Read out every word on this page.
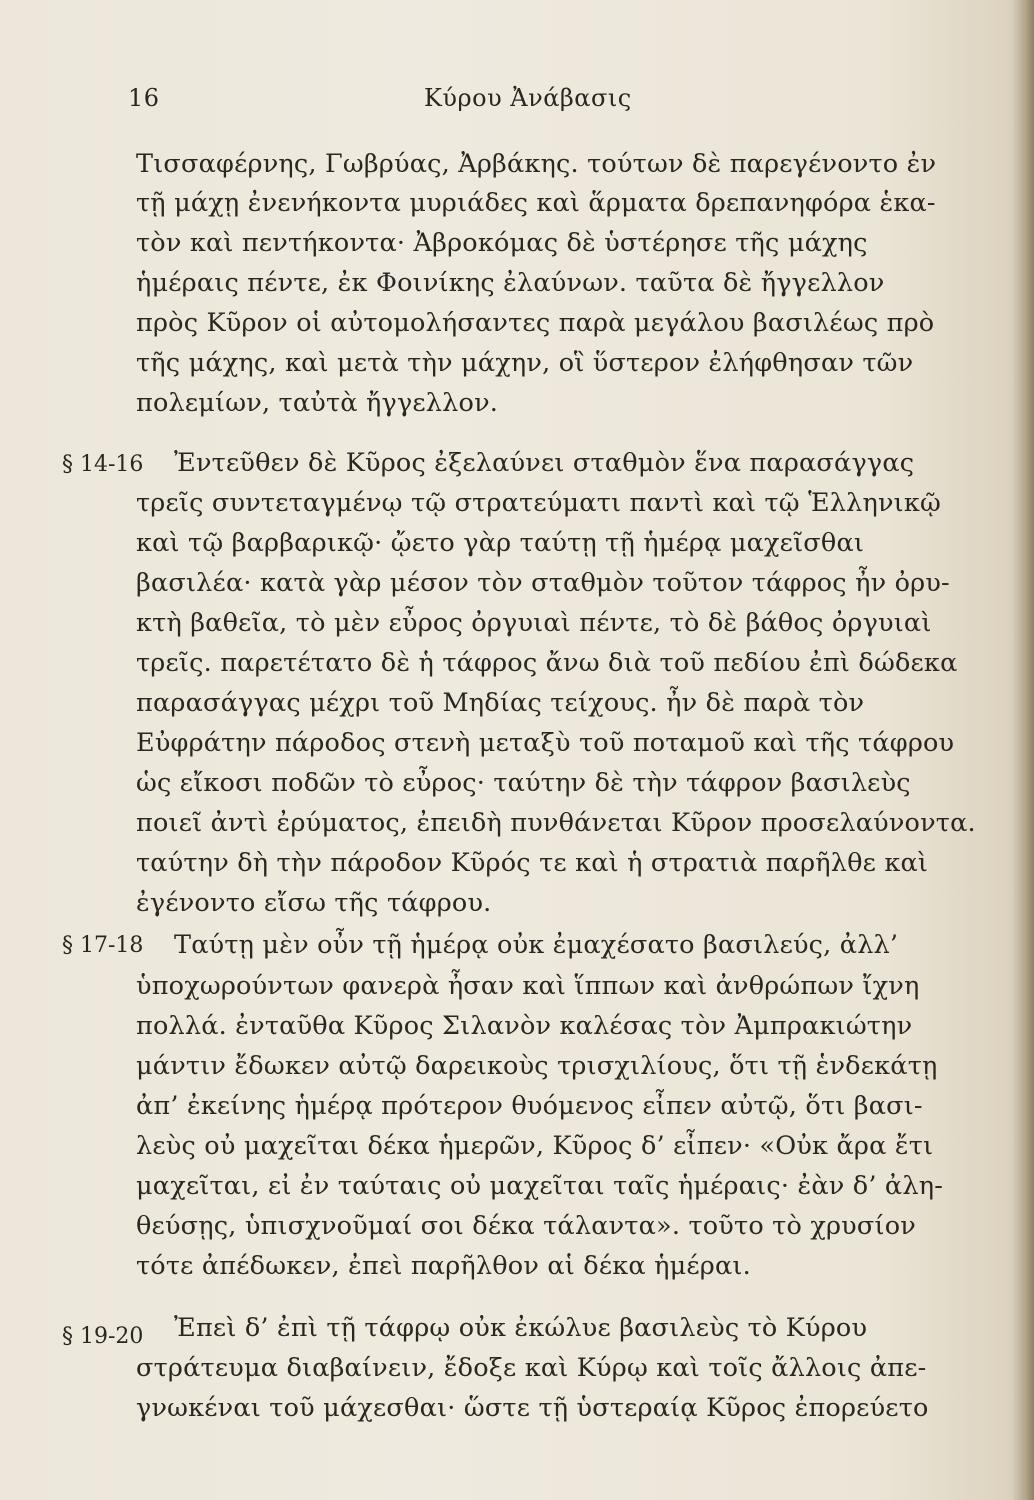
16	Κύρου Ἀνάβασις
§ 14-16
§ 17-18
§ 19-20
Τισσαφέρνης, Γωβρύας, Ἀρβάκης. τούτων δὲ παρεγένοντο ἐν
τῇ μάχῃ ἐνενήκοντα μυριάδες καὶ ἅρματα δρεπανηφόρα ἑκα-
τὸν καὶ πεντήκοντα· Ἀβροκόμας δὲ ὑστέρησε τῆς μάχης
ἡμέραις πέντε, ἐκ Φοινίκης ἐλαύνων. ταῦτα δὲ ἤγγελλον
πρὸς Κῦρον οἱ αὐτομολήσαντες παρὰ μεγάλου βασιλέως πρὸ
τῆς μάχης, καὶ μετὰ τὴν μάχην, οἳ ὕστερον ἐλήφθησαν τῶν
πολεμίων, ταὐτὰ ἤγγελλον.
Ἐντεῦθεν δὲ Κῦρος ἐξελαύνει σταθμὸν ἕνα παρασάγγας
τρεῖς συντεταγμένῳ τῷ στρατεύματι παντὶ καὶ τῷ Ἑλληνικῷ
καὶ τῷ βαρβαρικῷ· ᾤετο γὰρ ταύτῃ τῇ ἡμέρᾳ μαχεῖσθαι
βασιλέα· κατὰ γὰρ μέσον τὸν σταθμὸν τοῦτον τάφρος ἦν ὀρυ-
κτὴ βαθεῖα, τὸ μὲν εὖρος ὀργυιαὶ πέντε, τὸ δὲ βάθος ὀργυιαὶ
τρεῖς. παρετέτατο δὲ ἡ τάφρος ἄνω διὰ τοῦ πεδίου ἐπὶ δώδεκα
παρασάγγας μέχρι τοῦ Μηδίας τείχους. ἦν δὲ παρὰ τὸν
Εὐφράτην πάροδος στενὴ μεταξὺ τοῦ ποταμοῦ καὶ τῆς τάφρου
ὡς εἴκοσι ποδῶν τὸ εὖρος· ταύτην δὲ τὴν τάφρον βασιλεὺς
ποιεῖ ἀντὶ ἐρύματος, ἐπειδὴ πυνθάνεται Κῦρον προσελαύνοντα.
ταύτην δὴ τὴν πάροδον Κῦρός τε καὶ ἡ στρατιὰ παρῆλθε καὶ
ἐγένοντο εἴσω τῆς τάφρου.
Ταύτῃ μὲν οὖν τῇ ἡμέρᾳ οὐκ ἐμαχέσατο βασιλεύς, ἀλλ’
ὑποχωρούντων φανερὰ ἦσαν καὶ ἵππων καὶ ἀνθρώπων ἴχνη
πολλά. ἐνταῦθα Κῦρος Σιλανὸν καλέσας τὸν Ἀμπρακιώτην
μάντιν ἔδωκεν αὐτῷ δαρεικοὺς τρισχιλίους, ὅτι τῇ ἑνδεκάτῃ
ἀπ’ ἐκείνης ἡμέρᾳ πρότερον θυόμενος εἶπεν αὐτῷ, ὅτι βασι-
λεὺς οὐ μαχεῖται δέκα ἡμερῶν, Κῦρος δ’ εἶπεν· «Οὐκ ἄρα ἔτι
μαχεῖται, εἰ ἐν ταύταις οὐ μαχεῖται ταῖς ἡμέραις· ἐὰν δ’ ἀλη-
θεύσῃς, ὑπισχνοῦμαί σοι δέκα τάλαντα». τοῦτο τὸ χρυσίον
τότε ἀπέδωκεν, ἐπεὶ παρῆλθον αἱ δέκα ἡμέραι.
Ἐπεὶ δ’ ἐπὶ τῇ τάφρῳ οὐκ ἐκώλυε βασιλεὺς τὸ Κύρου
στράτευμα διαβαίνειν, ἔδοξε καὶ Κύρῳ καὶ τοῖς ἄλλοις ἀπε-
γνωκέναι τοῦ μάχεσθαι· ὥστε τῇ ὑστεραίᾳ Κῦρος ἐπορεύετο
